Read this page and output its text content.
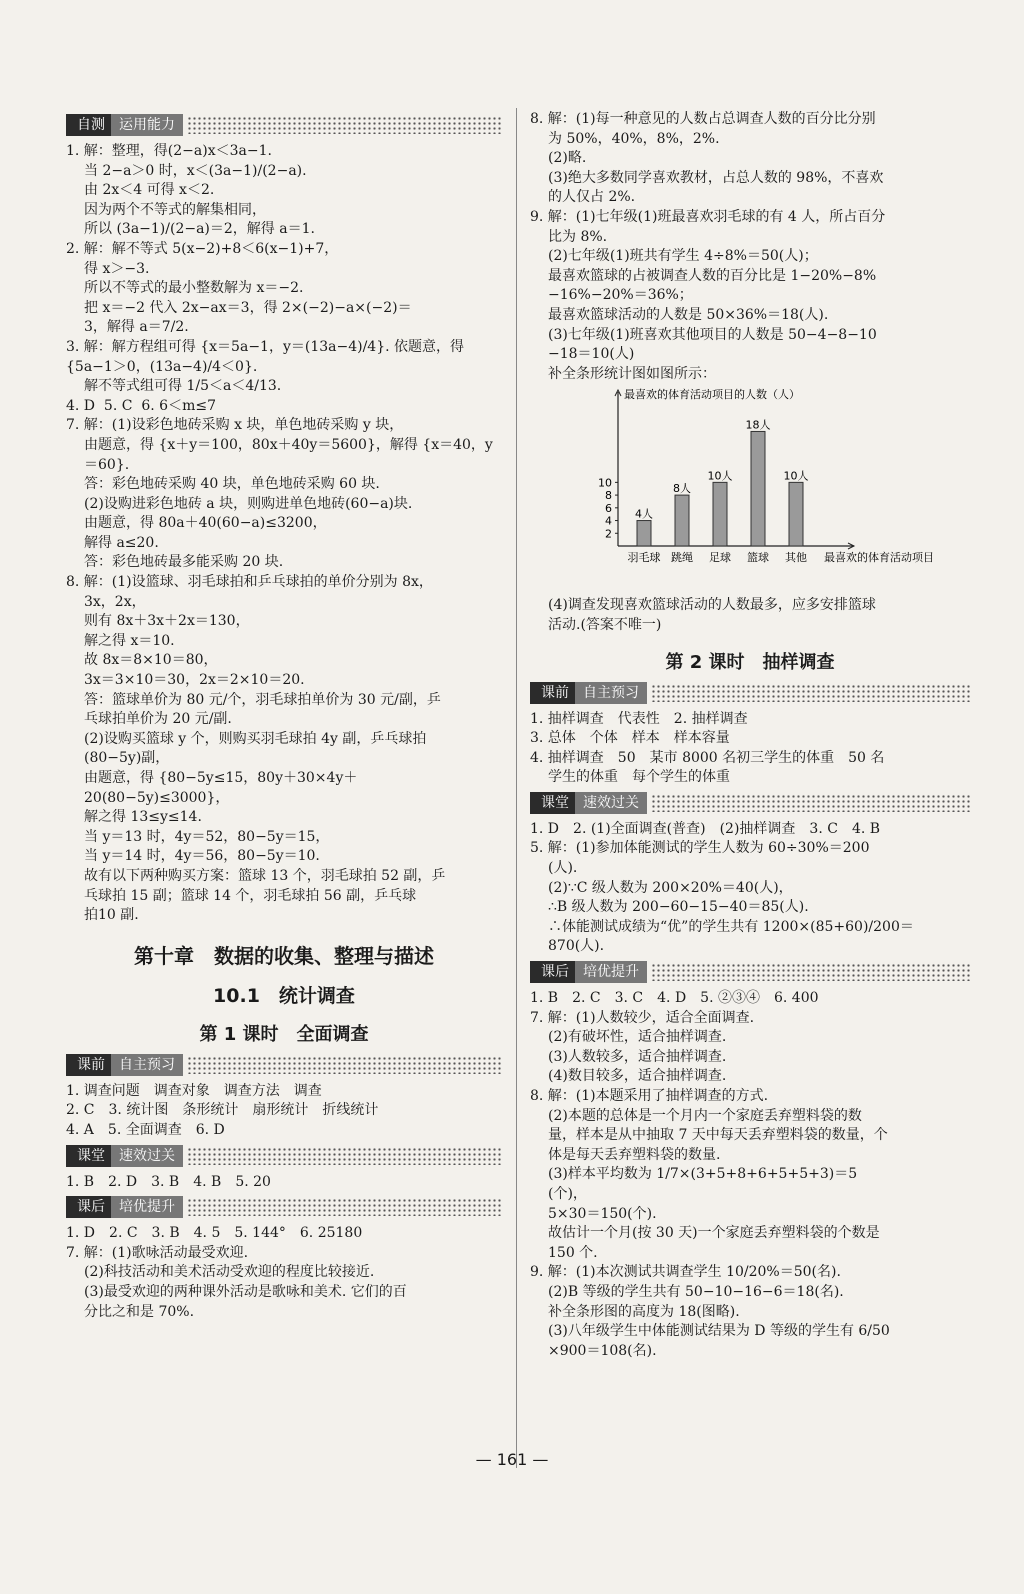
自测	运用能力
1. 解：整理，得(2−a)x＜3a−1.
当 2−a＞0 时，x＜(3a−1)/(2−a).
由 2x＜4 可得 x＜2.
因为两个不等式的解集相同，
所以 (3a−1)/(2−a)＝2，解得 a＝1.
2. 解：解不等式 5(x−2)+8＜6(x−1)+7，
得 x＞−3.
所以不等式的最小整数解为 x＝−2.
把 x＝−2 代入 2x−ax＝3，得 2×(−2)−a×(−2)＝
3，解得 a＝7/2.
3. 解：解方程组可得 {x＝5a−1，y＝(13a−4)/4}. 依题意，得 {5a−1＞0，(13a−4)/4＜0}.
解不等式组可得 1/5＜a＜4/13.
4. D  5. C  6. 6＜m≤7
7. 解：(1)设彩色地砖采购 x 块，单色地砖采购 y 块，
由题意，得 {x＋y＝100，80x＋40y＝5600}，解得 {x＝40，y＝60}.
答：彩色地砖采购 40 块，单色地砖采购 60 块.
(2)设购进彩色地砖 a 块，则购进单色地砖(60−a)块.
由题意，得 80a＋40(60−a)≤3200，
解得 a≤20.
答：彩色地砖最多能采购 20 块.
8. 解：(1)设篮球、羽毛球拍和乒乓球拍的单价分别为 8x，
3x，2x，
则有 8x＋3x＋2x＝130，
解之得 x＝10.
故 8x＝8×10＝80，
3x＝3×10＝30，2x＝2×10＝20.
答：篮球单价为 80 元/个，羽毛球拍单价为 30 元/副，乒
乓球拍单价为 20 元/副.
(2)设购买篮球 y 个，则购买羽毛球拍 4y 副，乒乓球拍
(80−5y)副，
由题意，得 {80−5y≤15，80y＋30×4y＋20(80−5y)≤3000}，
解之得 13≤y≤14.
当 y＝13 时，4y＝52，80−5y＝15，
当 y＝14 时，4y＝56，80−5y＝10.
故有以下两种购买方案：篮球 13 个，羽毛球拍 52 副，乒
乓球拍 15 副；篮球 14 个，羽毛球拍 56 副，乒乓球
拍10 副.
第十章　数据的收集、整理与描述
10.1　统计调查
第 1 课时　全面调查
课前	自主预习
1. 调查问题　调查对象　调查方法　调查
2. C　3. 统计图　条形统计　扇形统计　折线统计
4. A　5. 全面调查　6. D
课堂	速效过关
1. B　2. D　3. B　4. B　5. 20
课后	培优提升
1. D　2. C　3. B　4. 5　5. 144°　6. 25180
7. 解：(1)歌咏活动最受欢迎.
(2)科技活动和美术活动受欢迎的程度比较接近.
(3)最受欢迎的两种课外活动是歌咏和美术. 它们的百
分比之和是 70%.
8. 解：(1)每一种意见的人数占总调查人数的百分比分别
为 50%，40%，8%，2%.
(2)略.
(3)绝大多数同学喜欢教材，占总人数的 98%，不喜欢
的人仅占 2%.
9. 解：(1)七年级(1)班最喜欢羽毛球的有 4 人，所占百分
比为 8%.
(2)七年级(1)班共有学生 4÷8%＝50(人)；
最喜欢篮球的占被调查人数的百分比是 1−20%−8%
−16%−20%＝36%；
最喜欢篮球活动的人数是 50×36%＝18(人).
(3)七年级(1)班喜欢其他项目的人数是 50−4−8−10
−18＝10(人)
补全条形统计图如图所示：
最喜欢的体育活动项目的人数（人）
2
4
6
8
10
4人
羽毛球
8人
跳绳
10人
足球
18人
篮球
10人
其他 最喜欢的体育活动项目
(4)调查发现喜欢篮球活动的人数最多，应多安排篮球
活动.(答案不唯一)
第 2 课时　抽样调查
课前	自主预习
1. 抽样调查　代表性　2. 抽样调查
3. 总体　个体　样本　样本容量
4. 抽样调查　50　某市 8000 名初三学生的体重　50 名
学生的体重　每个学生的体重
课堂	速效过关
1. D　2. (1)全面调查(普查)　(2)抽样调查　3. C　4. B
5. 解：(1)参加体能测试的学生人数为 60÷30%＝200
(人).
(2)∵C 级人数为 200×20%＝40(人)，
∴B 级人数为 200−60−15−40＝85(人).
∴体能测试成绩为“优”的学生共有 1200×(85+60)/200＝
870(人).
课后	培优提升
1. B　2. C　3. C　4. D　5. ②③④　6. 400
7. 解：(1)人数较少，适合全面调查.
(2)有破坏性，适合抽样调查.
(3)人数较多，适合抽样调查.
(4)数目较多，适合抽样调查.
8. 解：(1)本题采用了抽样调查的方式.
(2)本题的总体是一个月内一个家庭丢弃塑料袋的数
量，样本是从中抽取 7 天中每天丢弃塑料袋的数量，个
体是每天丢弃塑料袋的数量.
(3)样本平均数为 1/7×(3+5+8+6+5+5+3)＝5
(个)，
5×30＝150(个).
故估计一个月(按 30 天)一个家庭丢弃塑料袋的个数是
150 个.
9. 解：(1)本次测试共调查学生 10/20%＝50(名).
(2)B 等级的学生共有 50−10−16−6＝18(名).
补全条形图的高度为 18(图略).
(3)八年级学生中体能测试结果为 D 等级的学生有 6/50
×900＝108(名).
— 161 —
